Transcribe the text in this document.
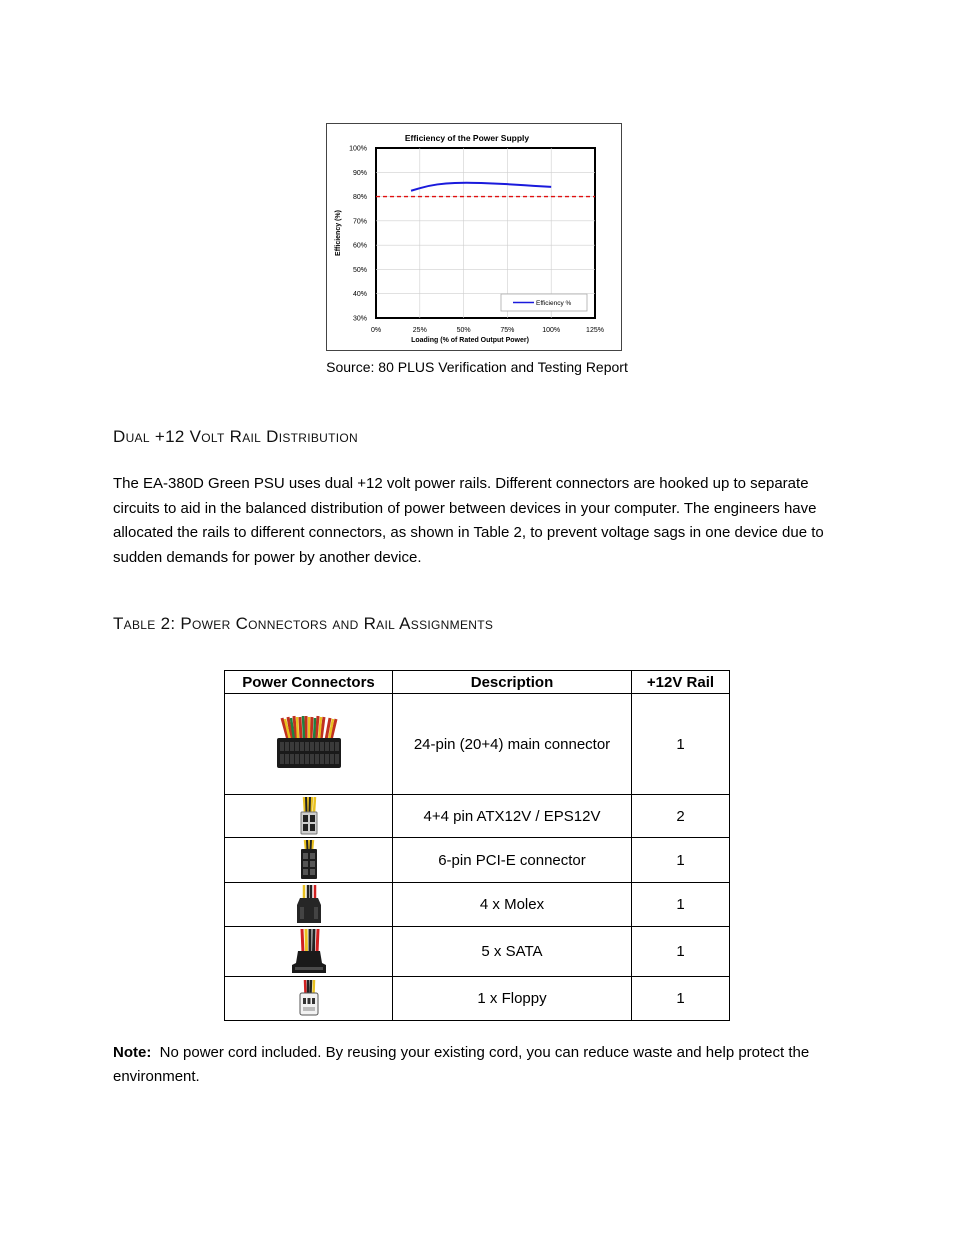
Efficiency of the Power Supply
30%
40%
50%
60%
70%
80%
90%
100%
0%	25%	50%	75%	100%	125%
Efficiency (%)
Loading (% of Rated Output Power)
Efficiency %
Source: 80 PLUS Verification and Testing Report
Dual +12 Volt Rail Distribution
The EA-380D Green PSU uses dual +12 volt power rails. Different connectors are hooked up to separate circuits to aid in the balanced distribution of power between devices in your computer. The engineers have allocated the rails to different connectors, as shown in Table 2, to prevent voltage sags in one device due to sudden demands for power by another device.
Table 2: Power Connectors and Rail Assignments
Power Connectors	Description	+12V Rail
	24-pin (20+4) main connector	1
	4+4 pin ATX12V / EPS12V	2
	6-pin PCI-E connector	1
	4 x Molex	1
	5 x SATA	1
	1 x Floppy	1
Note: No power cord included. By reusing your existing cord, you can reduce waste and help protect the environment.
